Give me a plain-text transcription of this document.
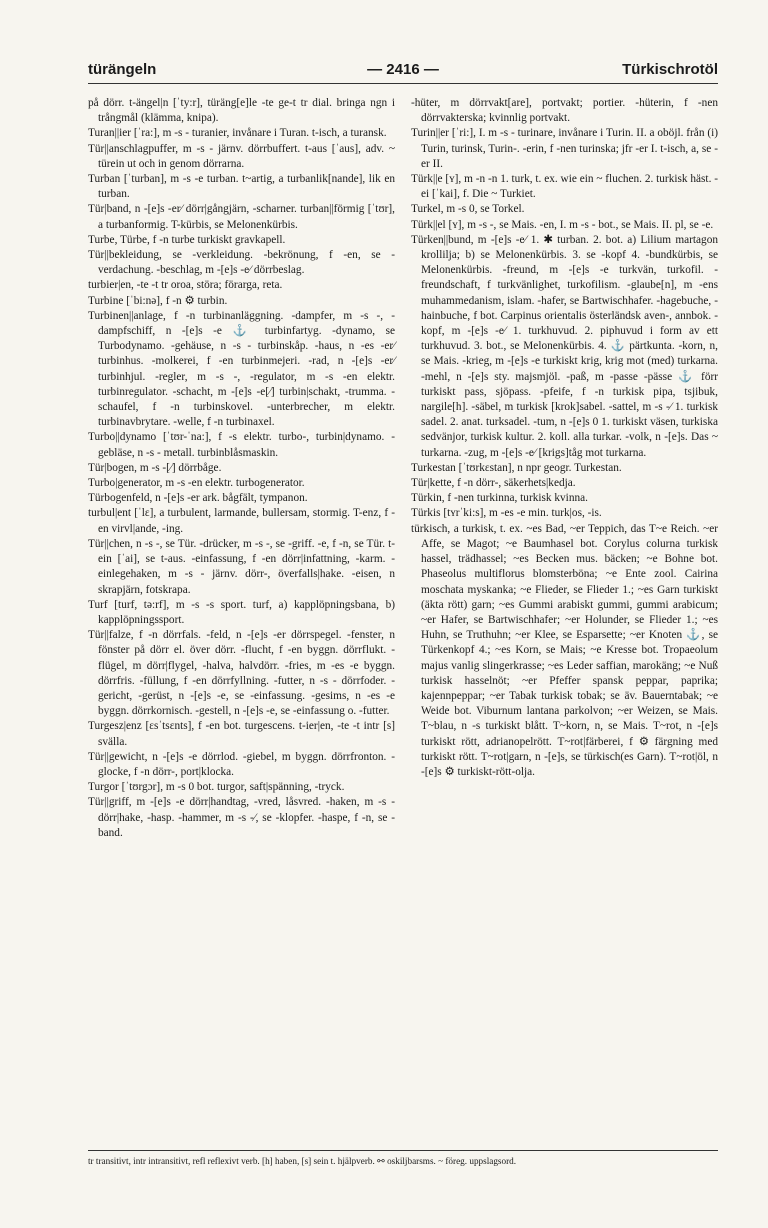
türängeln	— 2416 —	Türkischrotöl

på dörr. t-ängel|n [ˈty:r], türäng[e]le -te ge-t tr dial. bringa ngn i trångmål (klämma, knipa).

Turan||ier [ˈra:], m -s - turanier, invånare i Turan. t-isch, a turansk.

Tür||anschlagpuffer, m -s - järnv. dörrbuffert. t-aus [ˈaus], adv. ~ türein ut och in genom dörrarna.

Turban [ˈturban], m -s -e turban. t~artig, a turbanlik[nande], lik en turban.

Tür|band, n -[e]s -er⁄ dörr|gångjärn, -scharner. turban||förmig [ˈtʊr], a turbanformig. T-kürbis, se Melonenkürbis.

Turbe, Türbe, f -n turbe turkiskt gravkapell.

Tür||bekleidung, se -verkleidung. -bekrönung, f -en, se -verdachung. -beschlag, m -[e]s -e⁄ dörrbeslag.

turbier|en, -te -t tr oroa, störa; förarga, reta.

Turbine [ˈbi:nə], f -n ⚙ turbin.

Turbinen||anlage, f -n turbinanläggning. -dampfer, m -s -, -dampfschiff, n -[e]s -e ⚓ turbinfartyg. -dynamo, se Turbodynamo. -gehäuse, n -s - turbinskåp. -haus, n -es -er⁄ turbinhus. -molkerei, f -en turbinmejeri. -rad, n -[e]s -er⁄ turbinhjul. -regler, m -s -, -regulator, m -s -en elektr. turbinregulator. -schacht, m -[e]s -e[⁄] turbin|schakt, -trumma. -schaufel, f -n turbinskovel. -unterbrecher, m elektr. turbinavbrytare. -welle, f -n turbinaxel.

Turbo||dynamo [ˈtʊr-ˈna:], f -s elektr. turbo-, turbin|dynamo. -gebläse, n -s - metall. turbinblåsmaskin.

Tür|bogen, m -s -[⁄] dörrbåge.

Turbo|generator, m -s -en elektr. turbogenerator.

Türbogenfeld, n -[e]s -er ark. bågfält, tympanon.

turbul|ent [ˈlɛ], a turbulent, larmande, bullersam, stormig. T-enz, f -en virvl|ande, -ing.

Tür||chen, n -s -, se Tür. -drücker, m -s -, se -griff. -e, f -n, se Tür. t-ein [ˈai], se t-aus. -einfassung, f -en dörr|infattning, -karm. -einlegehaken, m -s - järnv. dörr-, överfalls|hake. -eisen, n skrapjärn, fotskrapa.

Turf [turf, tə:rf], m -s -s sport. turf, a) kapplöpningsbana, b) kapplöpningssport.

Tür||falze, f -n dörrfals. -feld, n -[e]s -er dörrspegel. -fenster, n fönster på dörr el. över dörr. -flucht, f -en byggn. dörrflukt. -flügel, m dörr|flygel, -halva, halvdörr. -fries, m -es -e byggn. dörrfris. -füllung, f -en dörrfyllning. -futter, n -s - dörrfoder. -gericht, -gerüst, n -[e]s -e, se -einfassung. -gesims, n -es -e byggn. dörrkornisch. -gestell, n -[e]s -e, se -einfassung o. -futter.

Turgesz|enz [ɛsˈtsɛnts], f -en bot. turgescens. t-ier|en, -te -t intr [s] svälla.

Tür||gewicht, n -[e]s -e dörrlod. -giebel, m byggn. dörrfronton. -glocke, f -n dörr-, port|klocka.

Turgor [ˈtʊrgɔr], m -s 0 bot. turgor, saft|spänning, -tryck.

Tür||griff, m -[e]s -e dörr|handtag, -vred, låsvred. -haken, m -s - dörr|hake, -hasp. -hammer, m -s -⁄, se -klopfer. -haspe, f -n, se -band.

-hüter, m dörrvakt[are], portvakt; portier. -hüterin, f -nen dörrvakterska; kvinnlig portvakt.

Turin||er [ˈri:], I. m -s - turinare, invånare i Turin. II. a oböjl. från (i) Turin, turinsk, Turin-. -erin, f -nen turinska; jfr -er I. t-isch, a, se -er II.

Türk||e [ʏ], m -n -n 1. turk, t. ex. wie ein ~ fluchen. 2. turkisk häst. -ei [ˈkai], f. Die ~ Turkiet.

Turkel, m -s 0, se Torkel.

Türk||el [ʏ], m -s -, se Mais. -en, I. m -s - bot., se Mais. II. pl, se -e.

Türken||bund, m -[e]s -e⁄ 1. ✱ turban. 2. bot. a) Lilium martagon krollilja; b) se Melonenkürbis. 3. se -kopf 4. -bundkürbis, se Melonenkürbis. -freund, m -[e]s -e turkvän, turkofil. -freundschaft, f turkvänlighet, turkofilism. -glaube[n], m -ens muhammedanism, islam. -hafer, se Bartwischhafer. -hagebuche, -hainbuche, f bot. Carpinus orientalis österländsk aven-, annbok. -kopf, m -[e]s -e⁄ 1. turkhuvud. 2. piphuvud i form av ett turkhuvud. 3. bot., se Melonenkürbis. 4. ⚓ pärtkunta. -korn, n, se Mais. -krieg, m -[e]s -e turkiskt krig, krig mot (med) turkarna. -mehl, n -[e]s sty. majsmjöl. -paß, m -passe -pässe ⚓ förr turkiskt pass, sjöpass. -pfeife, f -n turkisk pipa, tsjibuk, nargile[h]. -säbel, m turkisk [krok]sabel. -sattel, m -s -⁄ 1. turkisk sadel. 2. anat. turksadel. -tum, n -[e]s 0 1. turkiskt väsen, turkiska sedvänjor, turkisk kultur. 2. koll. alla turkar. -volk, n -[e]s. Das ~ turkarna. -zug, m -[e]s -e⁄ [krigs]tåg mot turkarna.

Turkestan [ˈtʊrkɛstan], n npr geogr. Turkestan.

Tür|kette, f -n dörr-, säkerhets|kedja.

Türkin, f -nen turkinna, turkisk kvinna.

Türkis [tʏrˈki:s], m -es -e min. turk|os, -is.

türkisch, a turkisk, t. ex. ~es Bad, ~er Teppich, das T~e Reich. ~er Affe, se Magot; ~e Baumhasel bot. Corylus colurna turkisk hassel, trädhassel; ~es Becken mus. bäcken; ~e Bohne bot. Phaseolus multiflorus blomsterböna; ~e Ente zool. Cairina moschata myskanka; ~e Flieder, se Flieder 1.; ~es Garn turkiskt (äkta rött) garn; ~es Gummi arabiskt gummi, gummi arabicum; ~er Hafer, se Bartwischhafer; ~er Holunder, se Flieder 1.; ~es Huhn, se Truthuhn; ~er Klee, se Esparsette; ~er Knoten ⚓, se Türkenkopf 4.; ~es Korn, se Mais; ~e Kresse bot. Tropaeolum majus vanlig slingerkrasse; ~es Leder saffian, marokäng; ~e Nuß turkisk hasselnöt; ~er Pfeffer spansk peppar, paprika; kajennpeppar; ~er Tabak turkisk tobak; se äv. Bauerntabak; ~e Weide bot. Viburnum lantana parkolvon; ~er Weizen, se Mais. T~blau, n -s turkiskt blått. T~korn, n, se Mais. T~rot, n -[e]s turkiskt rött, adrianopelrött. T~rot|färberei, f ⚙ färgning med turkiskt rött. T~rot|garn, n -[e]s, se türkisch(es Garn). T~rot|öl, n -[e]s ⚙ turkiskt-rött-olja.

tr transitivt, intr intransitivt, refl reflexivt verb. [h] haben, [s] sein t. hjälpverb. ⚯ oskiljbarsms. ~ föreg. uppslagsord.
